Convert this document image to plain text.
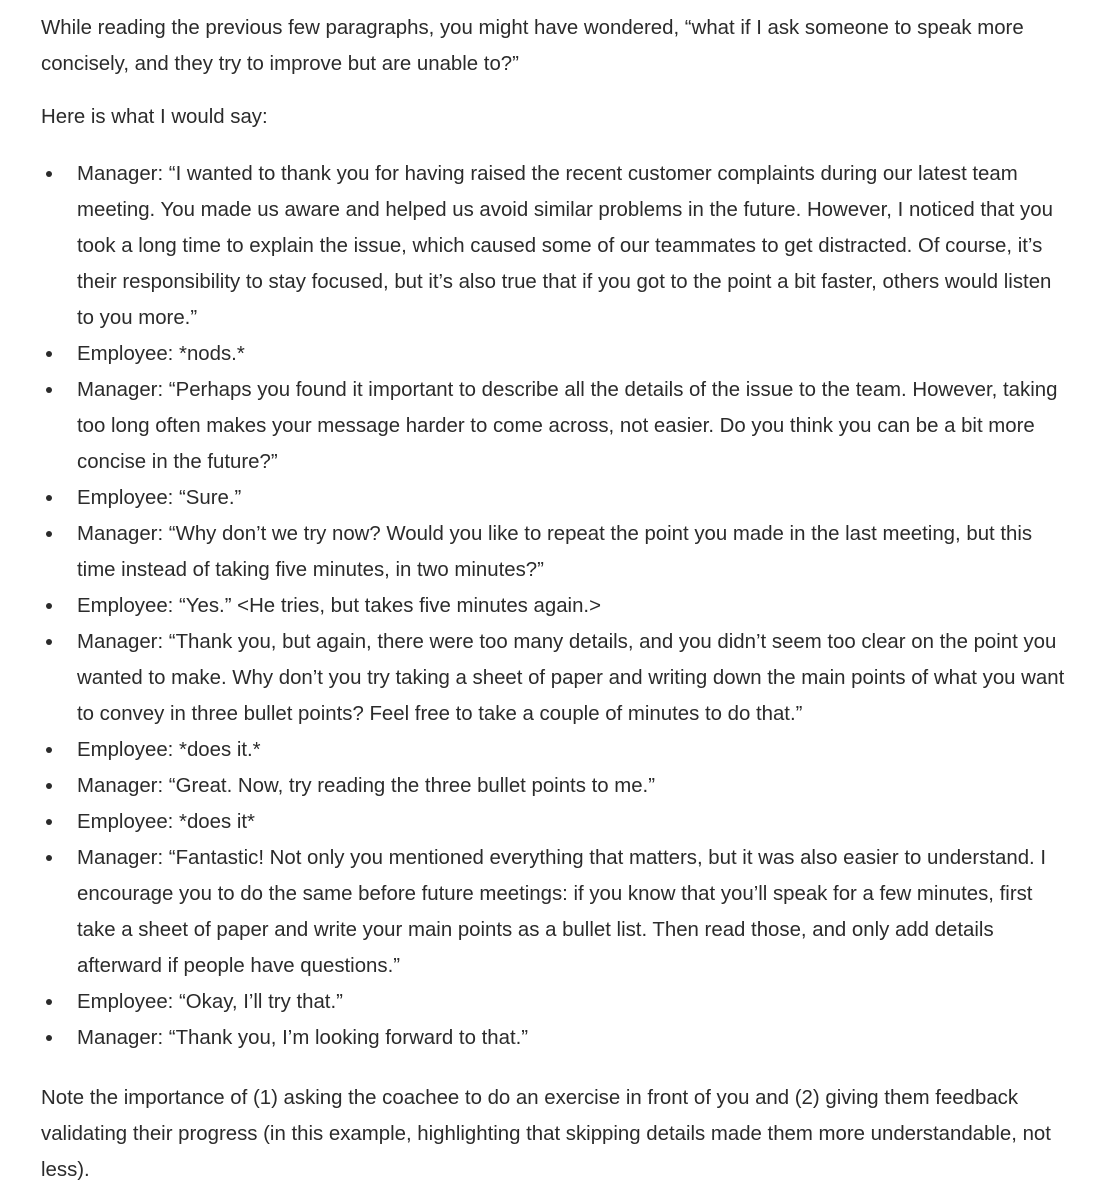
While reading the previous few paragraphs, you might have wondered, “what if I ask someone to speak more concisely, and they try to improve but are unable to?”

Here is what I would say:

Manager: “I wanted to thank you for having raised the recent customer complaints during our latest team meeting. You made us aware and helped us avoid similar problems in the future. However, I noticed that you took a long time to explain the issue, which caused some of our teammates to get distracted. Of course, it’s their responsibility to stay focused, but it’s also true that if you got to the point a bit faster, others would listen to you more.”
Employee: *nods.*
Manager: “Perhaps you found it important to describe all the details of the issue to the team. However, taking too long often makes your message harder to come across, not easier. Do you think you can be a bit more concise in the future?”
Employee: “Sure.”
Manager: “Why don’t we try now? Would you like to repeat the point you made in the last meeting, but this time instead of taking five minutes, in two minutes?”
Employee: “Yes.” <He tries, but takes five minutes again.>
Manager: “Thank you, but again, there were too many details, and you didn’t seem too clear on the point you wanted to make. Why don’t you try taking a sheet of paper and writing down the main points of what you want to convey in three bullet points? Feel free to take a couple of minutes to do that.”
Employee: *does it.*
Manager: “Great. Now, try reading the three bullet points to me.”
Employee: *does it*
Manager: “Fantastic! Not only you mentioned everything that matters, but it was also easier to understand. I encourage you to do the same before future meetings: if you know that you’ll speak for a few minutes, first take a sheet of paper and write your main points as a bullet list. Then read those, and only add details afterward if people have questions.”
Employee: “Okay, I’ll try that.”
Manager: “Thank you, I’m looking forward to that.”

Note the importance of (1) asking the coachee to do an exercise in front of you and (2) giving them feedback validating their progress (in this example, highlighting that skipping details made them more understandable, not less).
